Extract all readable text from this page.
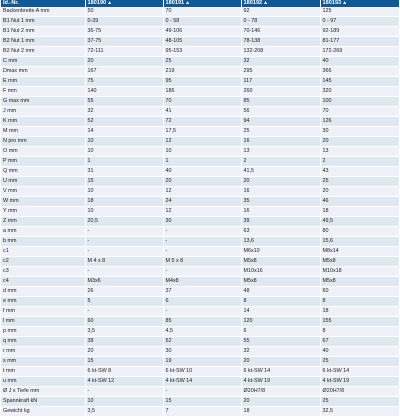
Id.-Nr.	180190▲	180191▲	180192▲	180193▲
Backenbreite A mm	50	70	92	125
B1 Nut 1 mm	0-39	0 - 58	0 - 78	0 - 97
B1 Nut 2 mm	36-75	49-106	70-146	92-189
B2 Nut 1 mm	37-75	48-105	78-138	81-177
B2 Nut 2 mm	72-111	95-153	132-208	172-269
C mm	20	25	32	40
Dmax mm	167	219	295	366
E mm	75	95	117	145
F mm	140	186	260	320
G max mm	55	70	85	100
J mm	32	41	56	70
K mm	52	72	94	126
M mm	14	17,5	25	30
N pro mm	10	12	16	20
O mm	10	10	13	13
P mm	1	1	2	2
Q mm	31	40	41,5	43
U mm	15	20	20	25
V mm	10	12	16	20
W mm	18	24	35	46
Y mm	10	12	16	18
Z mm	20,5	30	39	49,5
a mm	-	-	63	80
b mm	-	-	13,6	15,6
c1	-	-	M6x10	M8x14
c2	M 4 x 8	M 5 x 8	M5x8	M5x8
c3	-	-	M10x16	M10x18
c4	M3x6	M4x8	M5x8	M5x8
d mm	26	37	48	60
e mm	5	6	8	8
f mm	-	-	14	18
l mm	60	85	120	155
p mm	3,5	4,5	6	8
q mm	38	52	55	67
r mm	20	30	32	40
s mm	15	19	20	25
t mm	6 kt-SW 8	6 kt-SW 10	6 kt-SW 14	6 kt-SW 14
u mm	4 kt-SW 12	4 kt-SW 14	4 kt-SW 19	4 kt-SW 19
Ø J x Tiefe mm	-	-	Ø20H7/8	Ø20H7/8
Spannkraft kN	10	15	20	25
Gewicht kg	3,5	7	18	32,5
